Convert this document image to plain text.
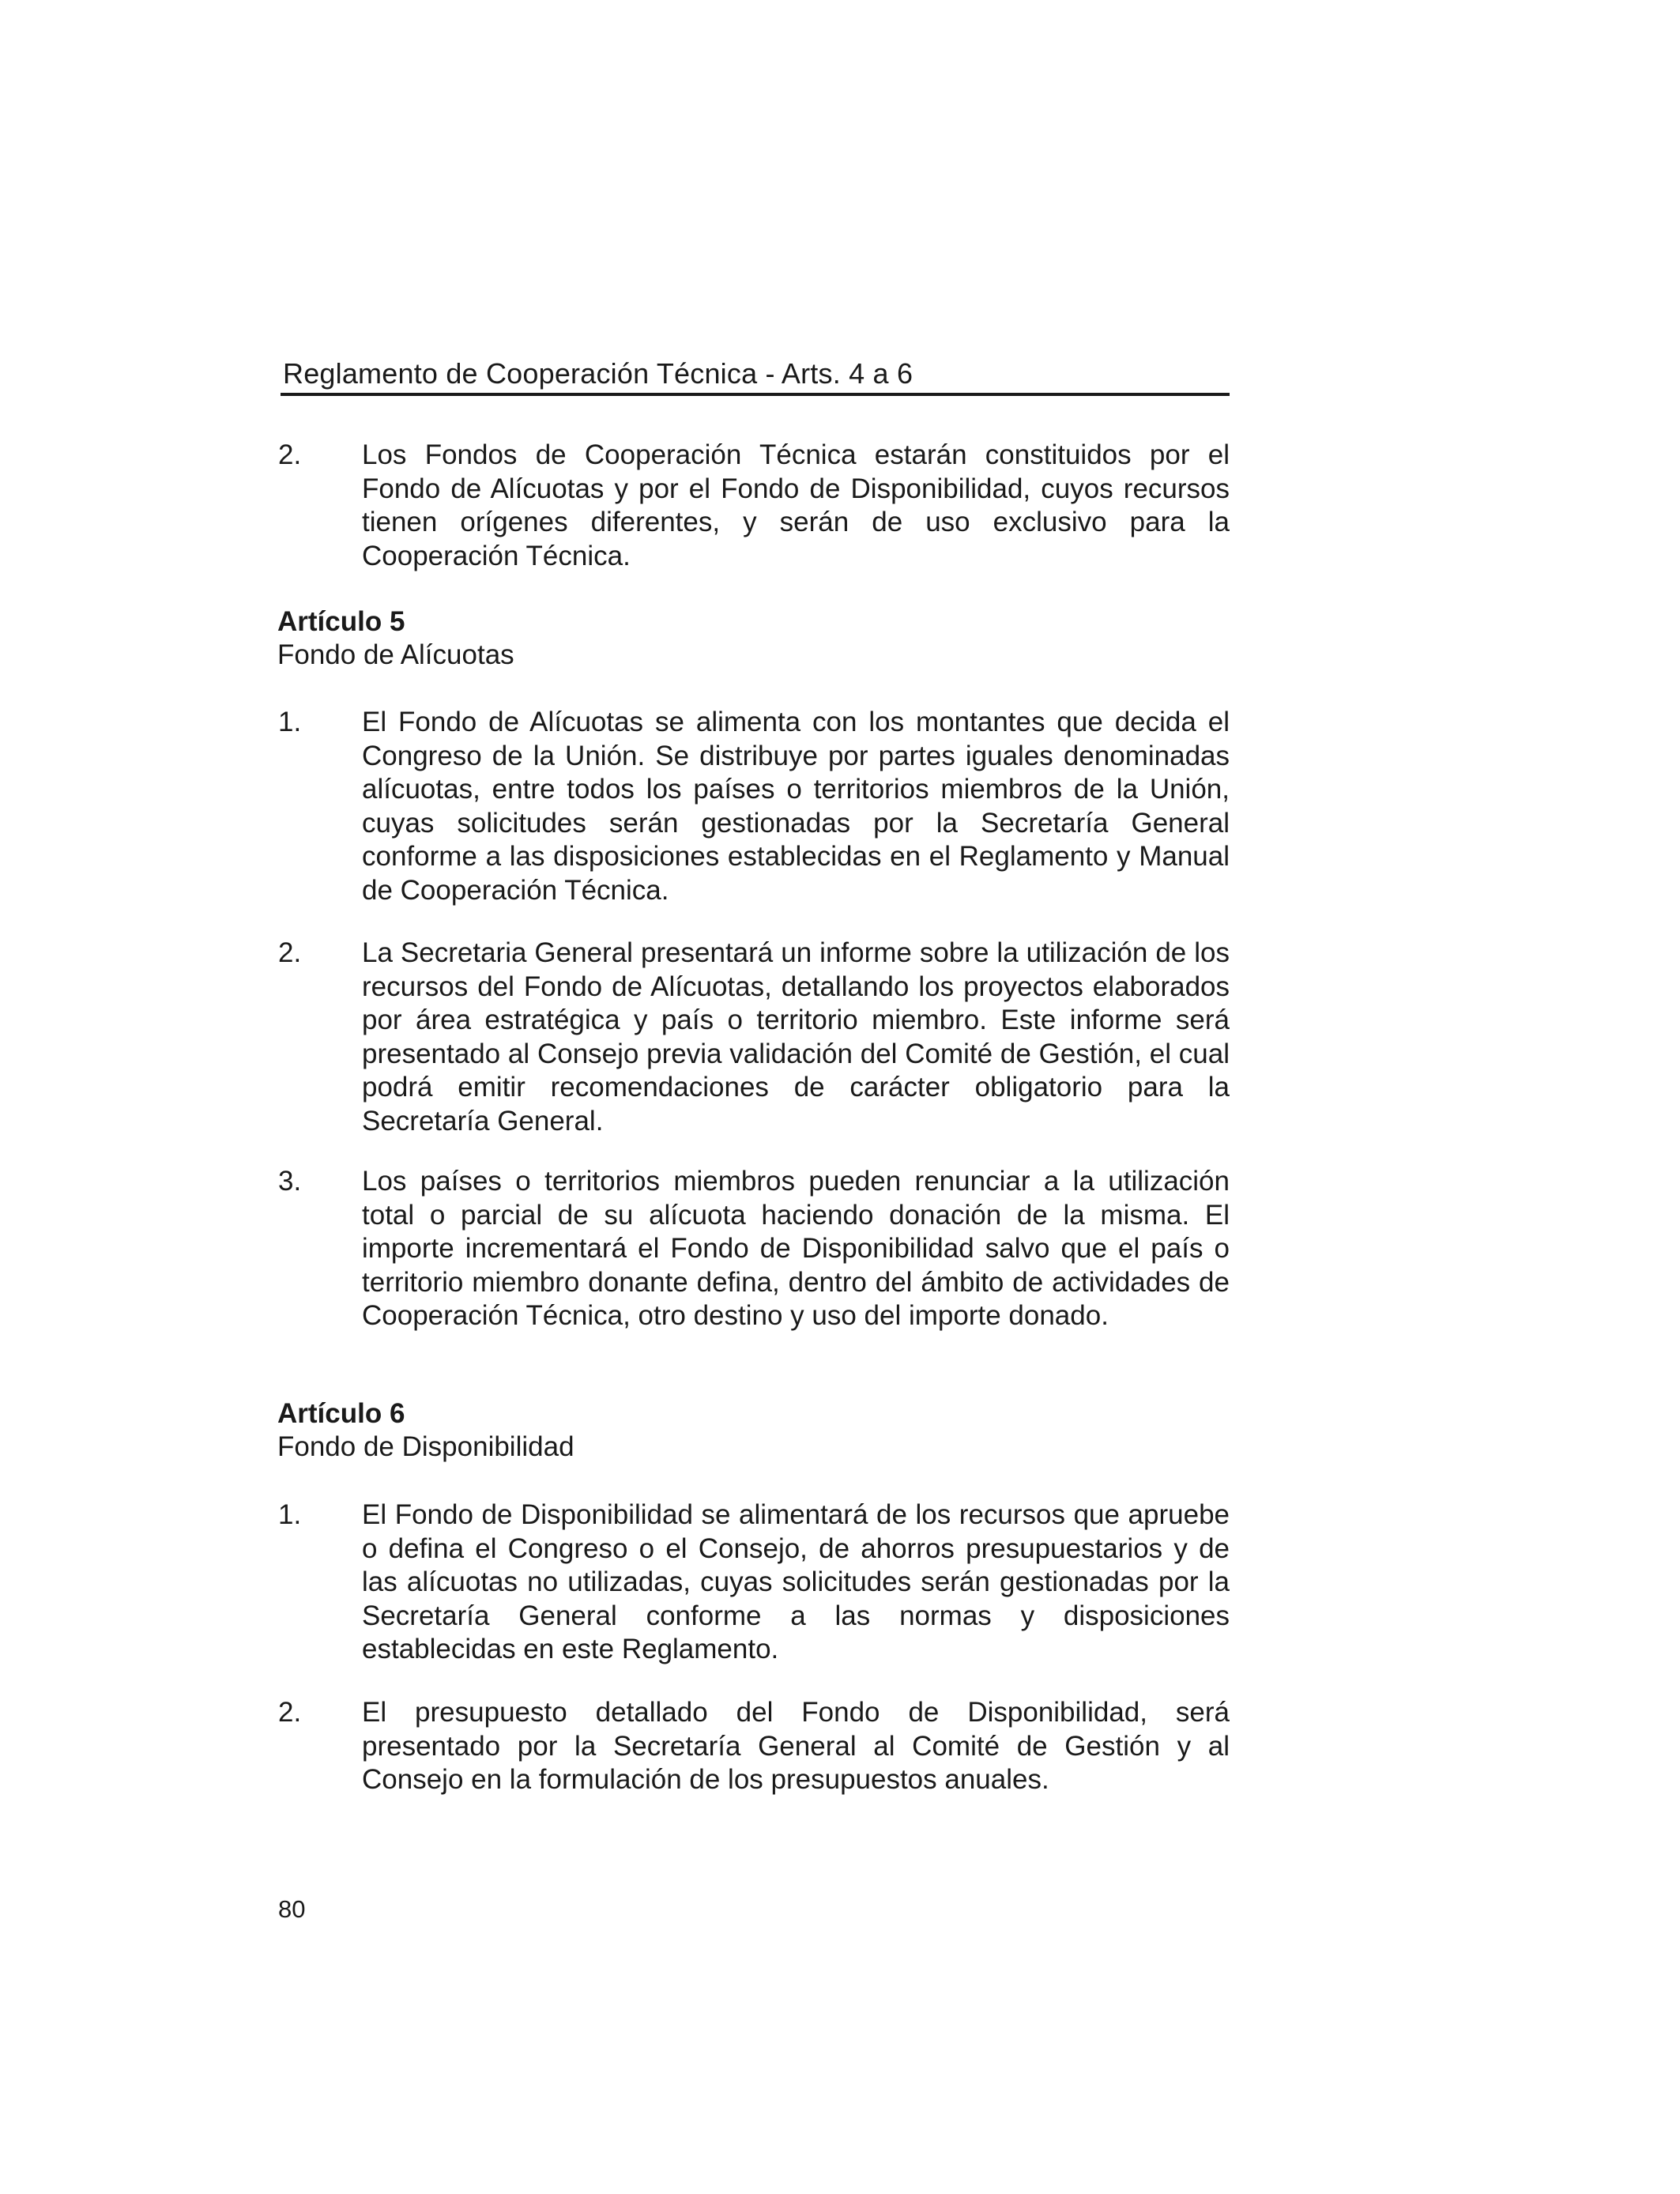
Reglamento de Cooperación Técnica - Arts. 4 a 6
2.	Los Fondos de Cooperación Técnica estarán constituidos por el Fondo de Alícuotas y por el Fondo de Disponibilidad, cuyos recursos tienen orígenes diferentes, y serán de uso exclusivo para la Cooperación Técnica.
Artículo 5
Fondo de Alícuotas
1.	El Fondo de Alícuotas se alimenta con los montantes que decida el Congreso de la Unión. Se distribuye por partes iguales denominadas alícuotas, entre todos los países o territorios miembros de la Unión, cuyas solicitudes serán gestionadas por la Secretaría General conforme a las disposiciones establecidas en el Reglamento y Manual de Cooperación Técnica.
2.	La Secretaria General presentará un informe sobre la utilización de los recursos del Fondo de Alícuotas, detallando los proyectos elaborados por área estratégica y país o territorio miembro. Este informe será presentado al Consejo previa validación del Comité de Gestión, el cual podrá emitir recomendaciones de carácter obligatorio para la Secretaría General.
3.	Los países o territorios miembros pueden renunciar a la utilización total o parcial de su alícuota haciendo donación de la misma. El importe incrementará el Fondo de Disponibilidad salvo que el país o territorio miembro donante defina, dentro del ámbito de actividades de Cooperación Técnica, otro destino y uso del importe donado.
Artículo 6
Fondo de Disponibilidad
1.	El Fondo de Disponibilidad se alimentará de los recursos que apruebe o defina el Congreso o el Consejo, de ahorros presupuestarios y de las alícuotas no utilizadas, cuyas solicitudes serán gestionadas por la Secretaría General conforme a las normas y disposiciones establecidas en este Reglamento.
2.	El presupuesto detallado del Fondo de Disponibilidad, será presentado por la Secretaría General al Comité de Gestión y al Consejo en la formulación de los presupuestos anuales.
80
